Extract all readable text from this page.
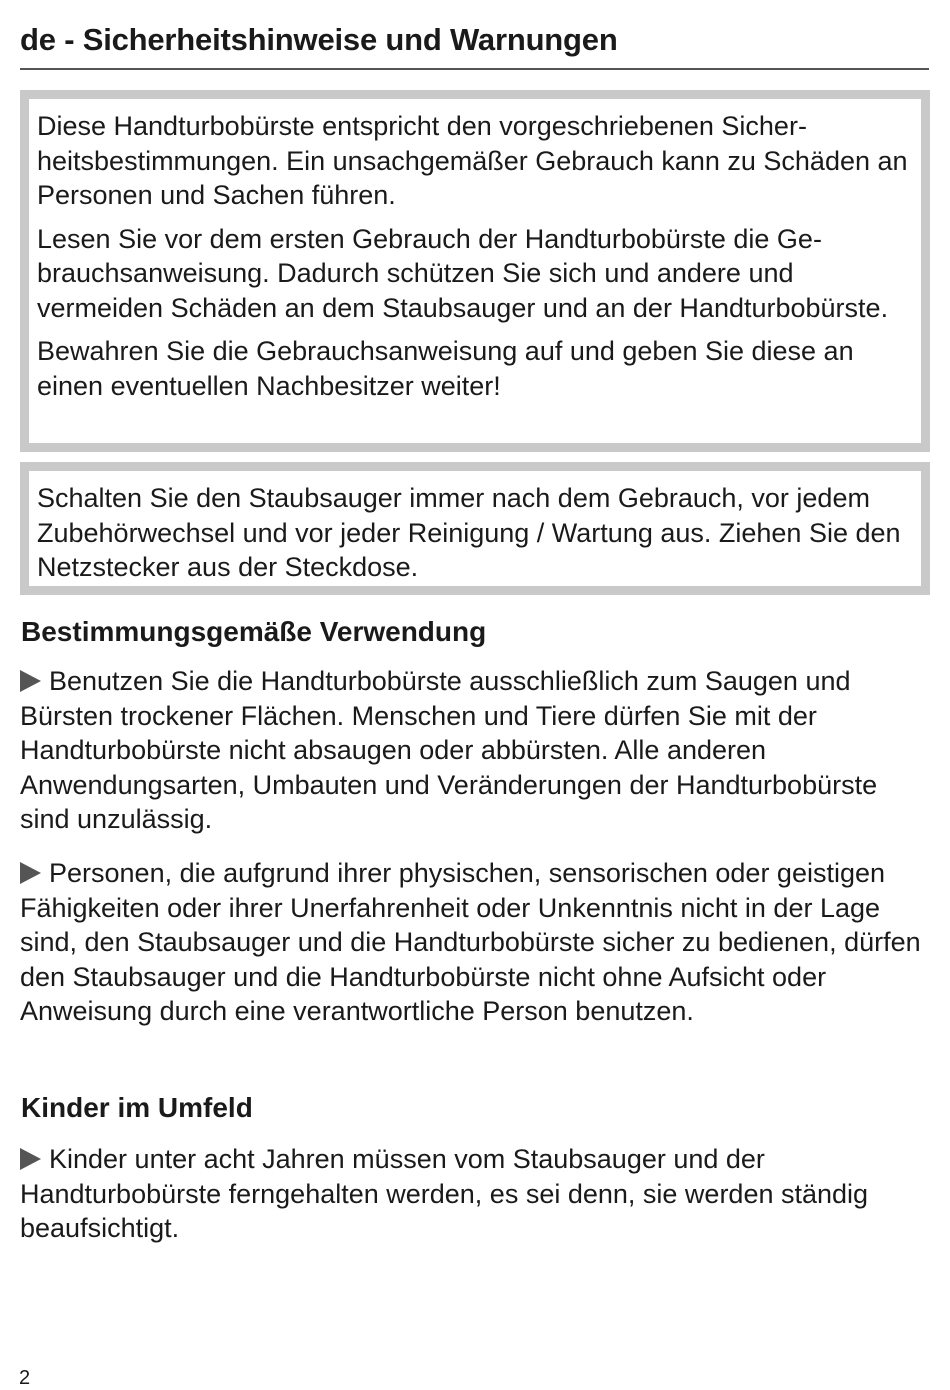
de - Sicherheitshinweise und Warnungen

Diese Handturbobürste entspricht den vorgeschriebenen Sicherheitsbestimmungen. Ein unsachgemäßer Gebrauch kann zu Schäden an Personen und Sachen führen.

Lesen Sie vor dem ersten Gebrauch der Handturbobürste die Gebrauchsanweisung. Dadurch schützen Sie sich und andere und vermeiden Schäden an dem Staubsauger und an der Handturbobürste.

Bewahren Sie die Gebrauchsanweisung auf und geben Sie diese an einen eventuellen Nachbesitzer weiter!

Schalten Sie den Staubsauger immer nach dem Gebrauch, vor jedem Zubehörwechsel und vor jeder Reinigung / Wartung aus. Ziehen Sie den Netzstecker aus der Steckdose.

Bestimmungsgemäße Verwendung

Benutzen Sie die Handturbobürste ausschließlich zum Saugen und Bürsten trockener Flächen. Menschen und Tiere dürfen Sie mit der Handturbobürste nicht absaugen oder abbürsten. Alle anderen Anwendungsarten, Umbauten und Veränderungen der Handturbobürste sind unzulässig.

Personen, die aufgrund ihrer physischen, sensorischen oder geistigen Fähigkeiten oder ihrer Unerfahrenheit oder Unkenntnis nicht in der Lage sind, den Staubsauger und die Handturbobürste sicher zu bedienen, dürfen den Staubsauger und die Handturbobürste nicht ohne Aufsicht oder Anweisung durch eine verantwortliche Person benutzen.

Kinder im Umfeld

Kinder unter acht Jahren müssen vom Staubsauger und der Handturbobürste ferngehalten werden, es sei denn, sie werden ständig beaufsichtigt.

2
